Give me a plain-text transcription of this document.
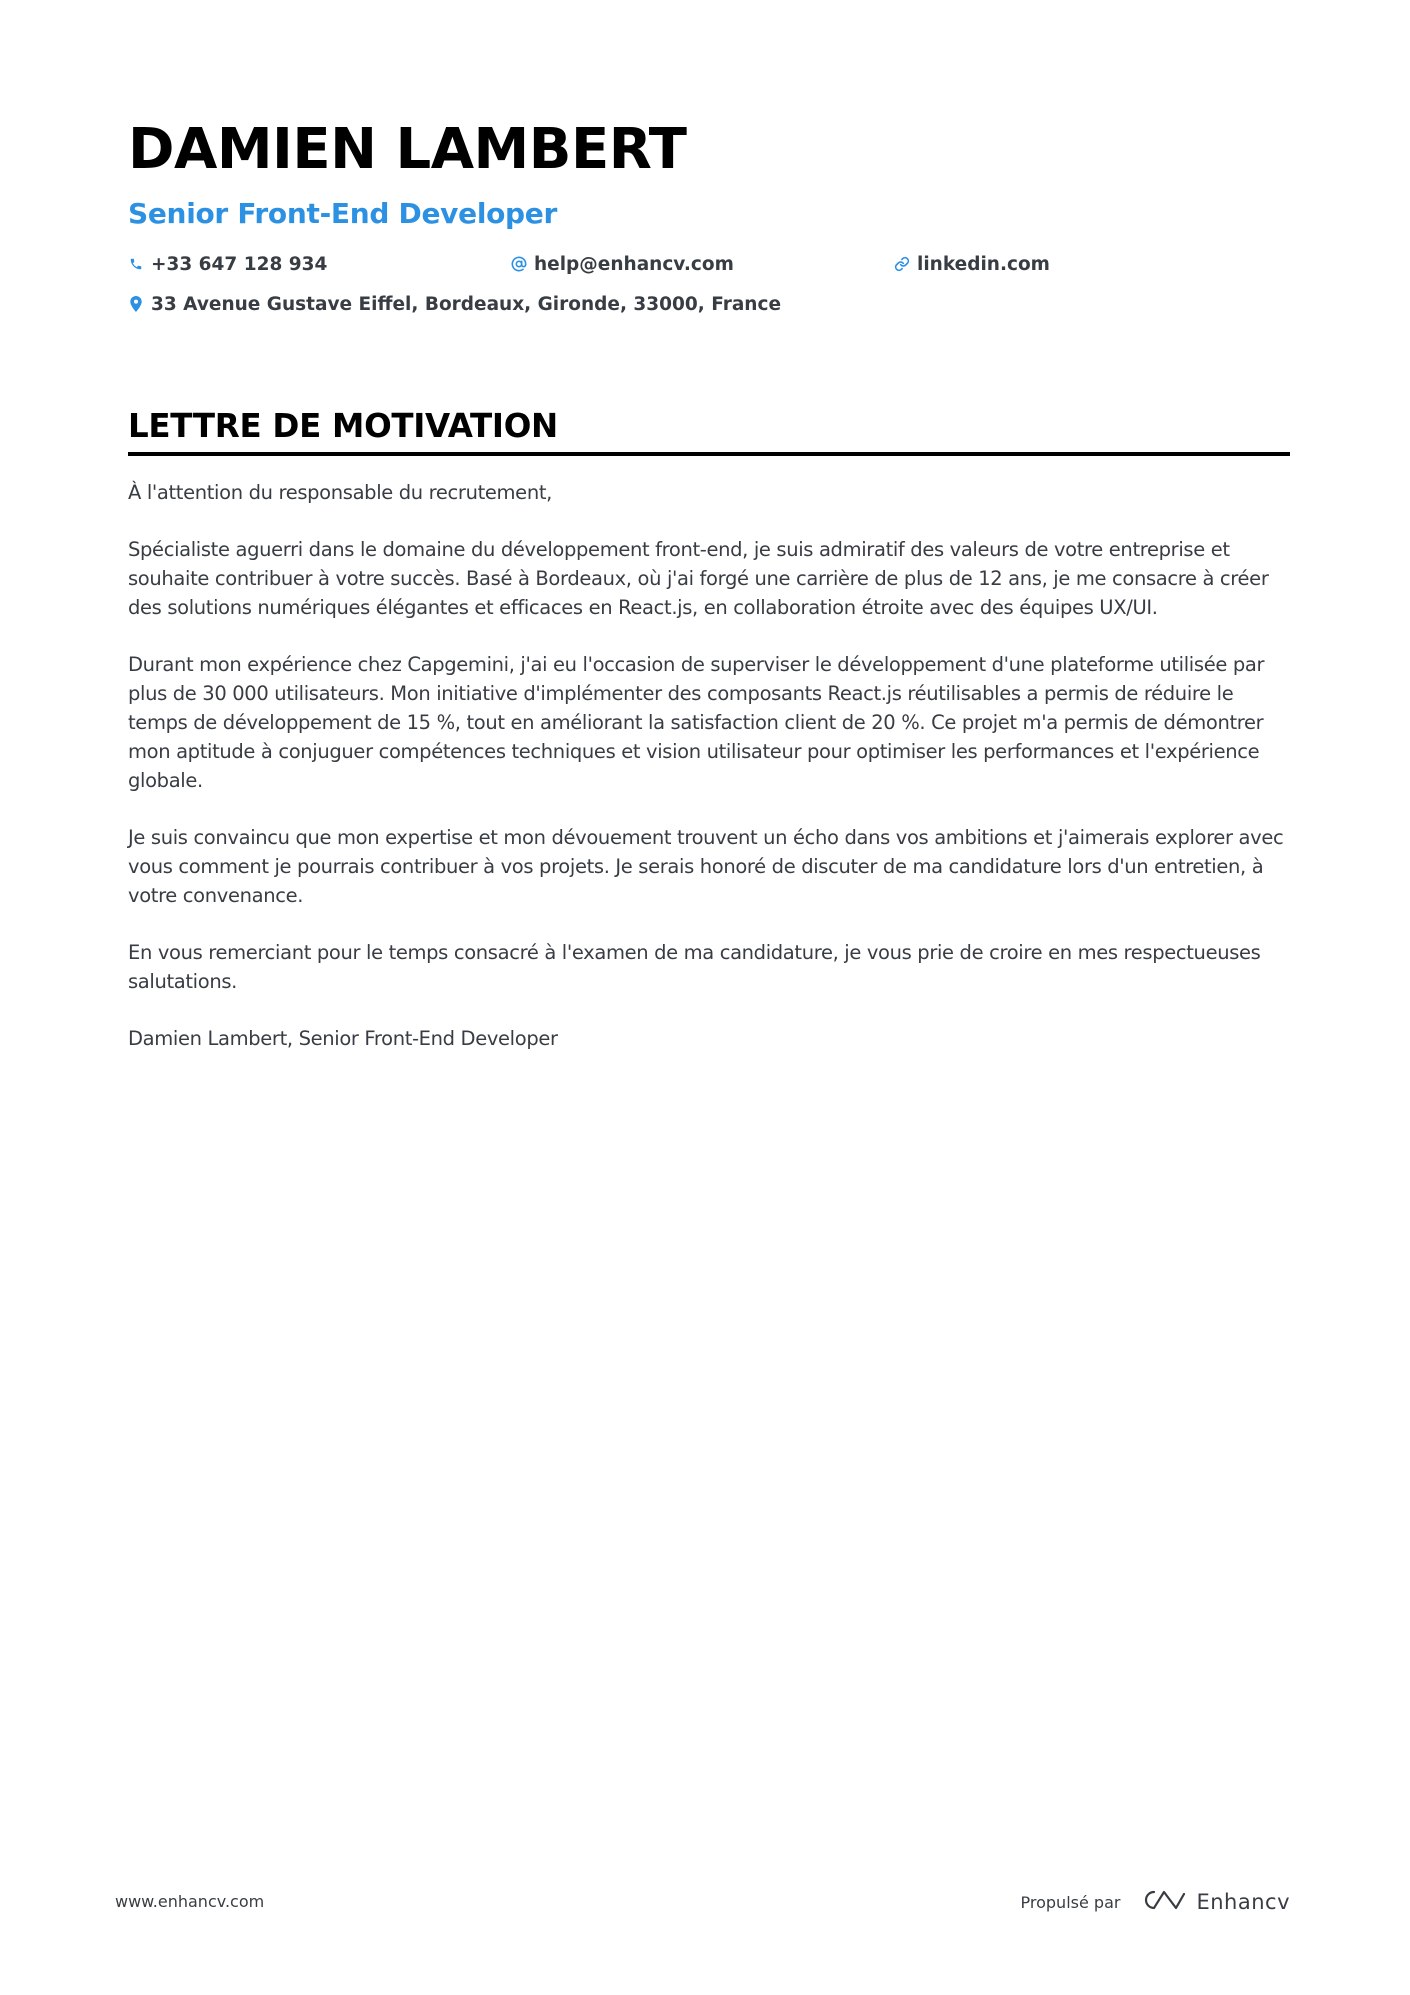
DAMIEN LAMBERT
Senior Front-End Developer
+33 647 128 934	help@enhancv.com	linkedin.com
33 Avenue Gustave Eiffel, Bordeaux, Gironde, 33000, France
LETTRE DE MOTIVATION

À l'attention du responsable du recrutement,

Spécialiste aguerri dans le domaine du développement front-end, je suis admiratif des valeurs de votre entreprise et souhaite contribuer à votre succès. Basé à Bordeaux, où j'ai forgé une carrière de plus de 12 ans, je me consacre à créer des solutions numériques élégantes et efficaces en React.js, en collaboration étroite avec des équipes UX/UI.

Durant mon expérience chez Capgemini, j'ai eu l'occasion de superviser le développement d'une plateforme utilisée par plus de 30 000 utilisateurs. Mon initiative d'implémenter des composants React.js réutilisables a permis de réduire le temps de développement de 15 %, tout en améliorant la satisfaction client de 20 %. Ce projet m'a permis de démontrer mon aptitude à conjuguer compétences techniques et vision utilisateur pour optimiser les performances et l'expérience globale.

Je suis convaincu que mon expertise et mon dévouement trouvent un écho dans vos ambitions et j'aimerais explorer avec vous comment je pourrais contribuer à vos projets. Je serais honoré de discuter de ma candidature lors d'un entretien, à votre convenance.

En vous remerciant pour le temps consacré à l'examen de ma candidature, je vous prie de croire en mes respectueuses salutations.

Damien Lambert, Senior Front-End Developer

www.enhancv.com	Propulsé par	Enhancv
